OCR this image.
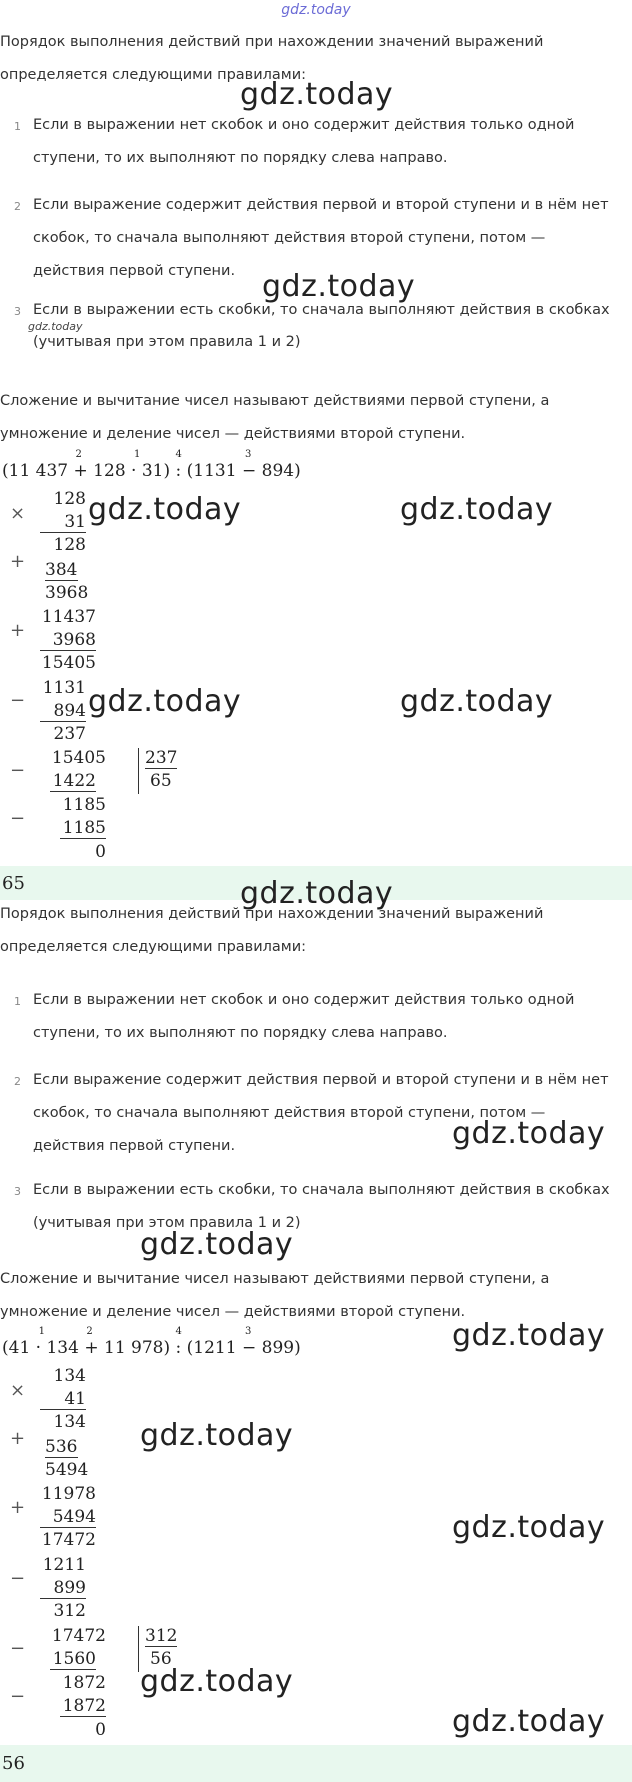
gdz.today
Порядок выполнения действий при нахождении значений выражений
определяется следующими правилами:
1 Если в выражении нет скобок и оно содержит действия только одной
ступени, то их выполняют по порядку слева направо.
2 Если выражение содержит действия первой и второй ступени и в нём нет
скобок, то сначала выполняют действия второй ступени, потом —
действия первой ступени.
3 Если в выражении есть скобки, то сначала выполняют действия в скобках
(учитывая при этом правила 1 и 2)
Сложение и вычитание чисел называют действиями первой ступени, а
умножение и деление чисел — действиями второй ступени.
(11 437 +
2
128 ·
1
31) :
4
(1131 −
3
894)
×
128
31
128
+ 384
3968
+
11437
3968
15405
−
1131
894
237
−
15405 237
65
1422
−
1185
1185
0
65
Порядок выполнения действий при нахождении значений выражений
определяется следующими правилами:
1 Если в выражении нет скобок и оно содержит действия только одной
ступени, то их выполняют по порядку слева направо.
2 Если выражение содержит действия первой и второй ступени и в нём нет
скобок, то сначала выполняют действия второй ступени, потом —
действия первой ступени.
3 Если в выражении есть скобки, то сначала выполняют действия в скобках
(учитывая при этом правила 1 и 2)
Сложение и вычитание чисел называют действиями первой ступени, а
умножение и деление чисел — действиями второй ступени.
(41 ·
1
134 +
2
11 978) :
4
(1211 −
3
899)
×
134
41
134
+ 536
5494
+
11978
5494
17472
−
1211
899
312
−
17472 312
56
1560
−
1872
1872
0
56
gdz.today
gdz.today
gdz.today
gdz.today	gdz.today
gdz.today	gdz.today
gdz.today
gdz.today
gdz.today
gdz.today
gdz.today
gdz.today
gdz.today
gdz.today
